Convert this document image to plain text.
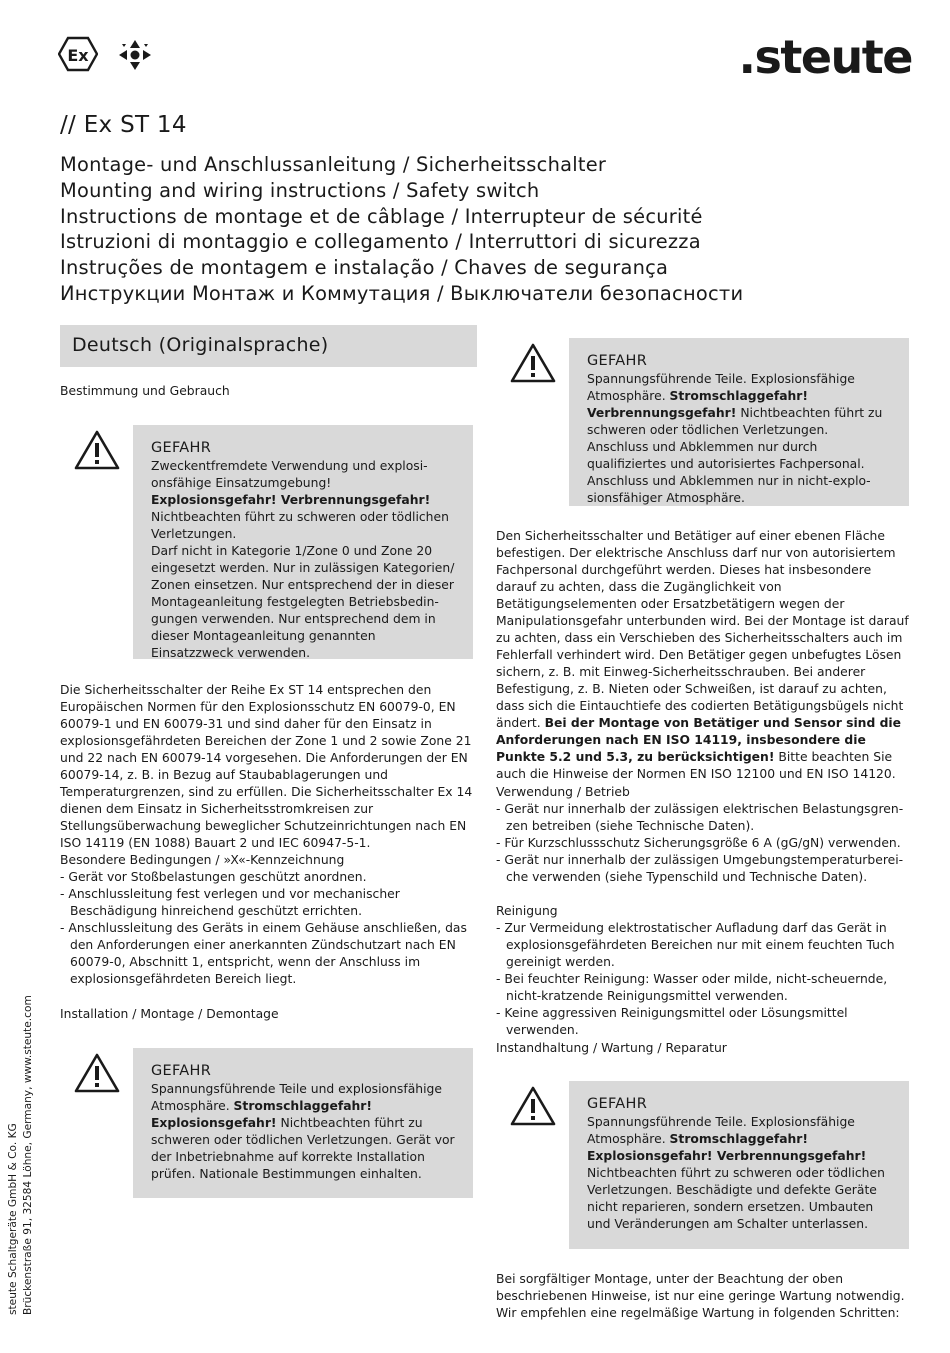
Ex	.steute
// Ex ST 14
Montage- und Anschlussanleitung / Sicherheitsschalter
Mounting and wiring instructions / Safety switch
Instructions de montage et de câblage / Interrupteur de sécurité
Istruzioni di montaggio e collegamento / Interruttori di sicurezza
Instruções de montagem e instalação / Chaves de segurança
Инструкции Монтаж и Коммутация / Выключатели безопасности
Deutsch (Originalsprache)
Bestimmung und Gebrauch
GEFAHR

Zweckentfremdete Verwendung und explosionsfähige Einsatzumgebung! Explosionsgefahr! Verbrennungsgefahr! Nichtbeachten führt zu schweren oder tödlichen Verletzungen.

Darf nicht in Kategorie 1/Zone 0 und Zone 20 eingesetzt werden. Nur in zulässigen Kategorien/ Zonen einsetzen. Nur entsprechend der in dieser Montageanleitung festgelegten Betriebsbedingungen verwenden. Nur entsprechend dem in dieser Montageanleitung genannten Einsatzzweck verwenden.

Die Sicherheitsschalter der Reihe Ex ST 14 entsprechen den Europäischen Normen für den Explosionsschutz EN 60079-0, EN 60079-1 und EN 60079-31 und sind daher für den Einsatz in explosionsgefährdeten Bereichen der Zone 1 und 2 sowie Zone 21 und 22 nach EN 60079-14 vorgesehen. Die Anforderungen der EN 60079-14, z. B. in Bezug auf Staubablagerungen und Temperaturgrenzen, sind zu erfüllen. Die Sicherheitsschalter Ex 14 dienen dem Einsatz in Sicherheitsstromkreisen zur Stellungsüberwachung beweglicher Schutzeinrichtungen nach EN ISO 14119 (EN 1088) Bauart 2 und IEC 60947-5-1.
Besondere Bedingungen / »X«-Kennzeichnung
- Gerät vor Stoßbelastungen geschützt anordnen.
- Anschlussleitung fest verlegen und vor mechanischer Beschädigung hinreichend geschützt errichten.
- Anschlussleitung des Geräts in einem Gehäuse anschließen, das den Anforderungen einer anerkannten Zündschutzart nach EN 60079-0, Abschnitt 1, entspricht, wenn der Anschluss im explosionsgefährdeten Bereich liegt.
Installation / Montage / Demontage
GEFAHR

Spannungsführende Teile und explosionsfähige Atmosphäre. Stromschlaggefahr! Explosionsgefahr! Nichtbeachten führt zu schweren oder tödlichen Verletzungen. Gerät vor der Inbetriebnahme auf korrekte Installation prüfen. Nationale Bestimmungen einhalten.

GEFAHR

Spannungsführende Teile. Explosionsfähige Atmosphäre. Stromschlaggefahr! Verbrennungsgefahr! Nichtbeachten führt zu schweren oder tödlichen Verletzungen. Anschluss und Abklemmen nur durch qualifiziertes und autorisiertes Fachpersonal. Anschluss und Abklemmen nur in nicht-explosionsfähiger Atmosphäre.

Den Sicherheitsschalter und Betätiger auf einer ebenen Fläche befestigen. Der elektrische Anschluss darf nur von autorisiertem Fachpersonal durchgeführt werden. Dieses hat insbesondere darauf zu achten, dass die Zugänglichkeit von Betätigungselementen oder Ersatzbetätigern wegen der Manipulationsgefahr unterbunden wird. Bei der Montage ist darauf zu achten, dass ein Verschieben des Sicherheitsschalters auch im Fehlerfall verhindert wird. Den Betätiger gegen unbefugtes Lösen sichern, z. B. mit Einweg-Sicherheitsschrauben. Bei anderer Befestigung, z. B. Nieten oder Schweißen, ist darauf zu achten, dass sich die Eintauchtiefe des codierten Betätigungsbügels nicht ändert. Bei der Montage von Betätiger und Sensor sind die Anforderungen nach EN ISO 14119, insbesondere die Punkte 5.2 und 5.3, zu berücksichtigen! Bitte beachten Sie auch die Hinweise der Normen EN ISO 12100 und EN ISO 14120.
Verwendung / Betrieb
- Gerät nur innerhalb der zulässigen elektrischen Belastungsgrenzen betreiben (siehe Technische Daten).
- Für Kurzschlussschutz Sicherungsgröße 6 A (gG/gN) verwenden.
- Gerät nur innerhalb der zulässigen Umgebungstemperaturbereiche verwenden (siehe Typenschild und Technische Daten).
Reinigung
- Zur Vermeidung elektrostatischer Aufladung darf das Gerät in explosionsgefährdeten Bereichen nur mit einem feuchten Tuch gereinigt werden.
- Bei feuchter Reinigung: Wasser oder milde, nicht-scheuernde, nicht-kratzende Reinigungsmittel verwenden.
- Keine aggressiven Reinigungsmittel oder Lösungsmittel verwenden.
Instandhaltung / Wartung / Reparatur
GEFAHR

Spannungsführende Teile. Explosionsfähige Atmosphäre. Stromschlaggefahr! Explosionsgefahr! Verbrennungsgefahr! Nichtbeachten führt zu schweren oder tödlichen Verletzungen. Beschädigte und defekte Geräte nicht reparieren, sondern ersetzen. Umbauten und Veränderungen am Schalter unterlassen.

Bei sorgfältiger Montage, unter der Beachtung der oben beschriebenen Hinweise, ist nur eine geringe Wartung notwendig. Wir empfehlen eine regelmäßige Wartung in folgenden Schritten:
steute Schaltgeräte GmbH & Co. KG Brückenstraße 91, 32584 Löhne, Germany, www.steute.com
